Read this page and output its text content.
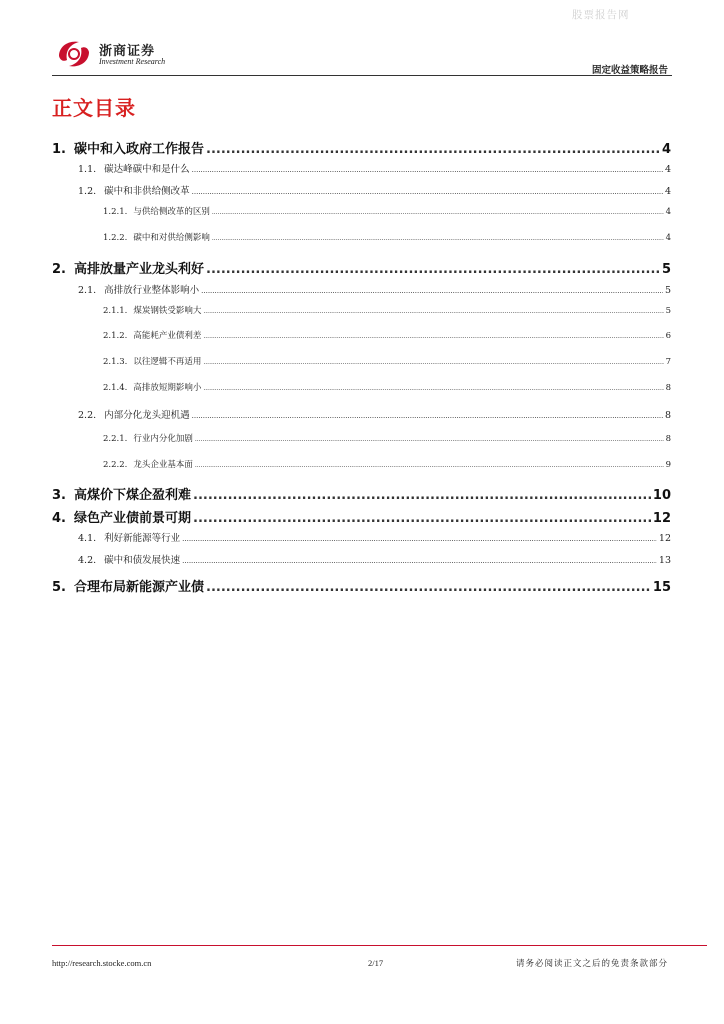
股票报告网
浙商证券
Investment Research
固定收益策略报告
正文目录
1. 碳中和入政府工作报告 .....	4
1.1. 碳达峰碳中和是什么 .....	4
1.2. 碳中和非供给侧改革 .....	4
1.2.1. 与供给侧改革的区别 .....	4
1.2.2. 碳中和对供给侧影响 .....	4
2. 高排放量产业龙头利好 .....	5
2.1. 高排放行业整体影响小 .....	5
2.1.1. 煤炭钢铁受影响大 .....	5
2.1.2. 高能耗产业债利差 .....	6
2.1.3. 以往逻辑不再适用 .....	7
2.1.4. 高排放短期影响小 .....	8
2.2. 内部分化龙头迎机遇 .....	8
2.2.1. 行业内分化加剧 .....	8
2.2.2. 龙头企业基本面 .....	9
3. 高煤价下煤企盈利难 .....	10
4. 绿色产业债前景可期 .....	12
4.1. 利好新能源等行业 .....	12
4.2. 碳中和债发展快速 .....	13
5. 合理布局新能源产业债 .....	15
http://research.stocke.com.cn	2/17	请务必阅读正文之后的免责条款部分
